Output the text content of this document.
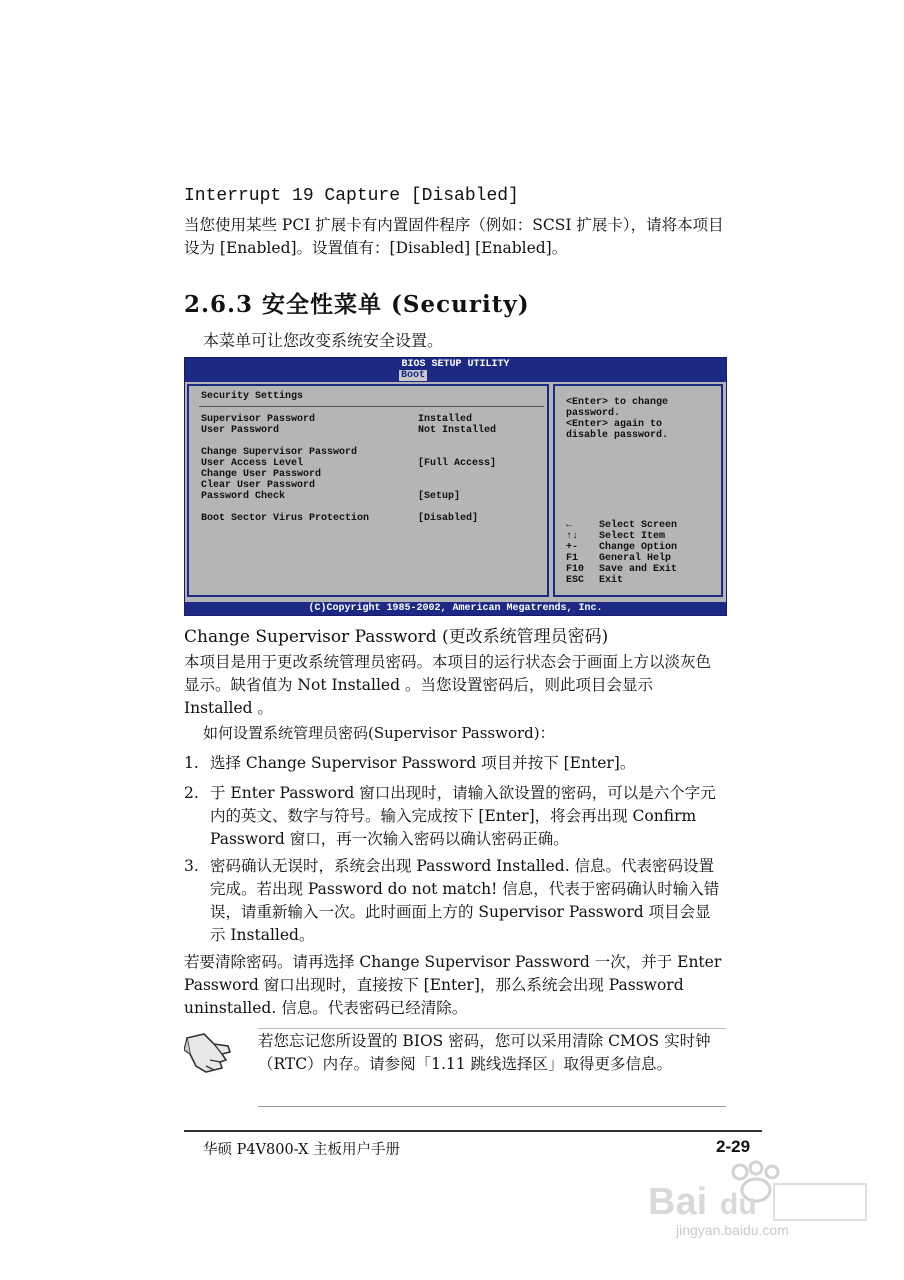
Interrupt 19 Capture [Disabled]
当您使用某些 PCI 扩展卡有内置固件程序（例如：SCSI 扩展卡），请将本项目设为 [Enabled]。设置值有：[Disabled] [Enabled]。
2.6.3 安全性菜单 (Security)
本菜单可让您改变系统安全设置。
BIOS SETUP UTILITY
Boot
Security Settings
Supervisor Password	Installed
User Password	Not Installed
Change Supervisor Password
User Access Level	[Full Access]
Change User Password
Clear User Password
Password Check	[Setup]
Boot Sector Virus Protection	[Disabled]
<Enter> to change
password.
<Enter> again to
disable password.
←	Select Screen
↑↓ Select Item
+- Change Option
F1 General Help
F10 Save and Exit
ESC Exit
(C)Copyright 1985-2002, American Megatrends, Inc.
Change Supervisor Password (更改系统管理员密码)
本项目是用于更改系统管理员密码。本项目的运行状态会于画面上方以淡灰色显示。缺省值为 Not Installed 。当您设置密码后，则此项目会显示 Installed 。
如何设置系统管理员密码(Supervisor Password)：
1. 选择 Change Supervisor Password 项目并按下 [Enter]。
2. 于 Enter Password 窗口出现时，请输入欲设置的密码，可以是六个字元内的英文、数字与符号。输入完成按下 [Enter]，将会再出现 Confirm Password 窗口，再一次输入密码以确认密码正确。
3. 密码确认无误时，系统会出现 Password Installed. 信息。代表密码设置完成。若出现 Password do not match! 信息，代表于密码确认时输入错误，请重新输入一次。此时画面上方的 Supervisor Password 项目会显示 Installed。
若要清除密码。请再选择 Change Supervisor Password 一次，并于 Enter Password 窗口出现时，直接按下 [Enter]，那么系统会出现 Password uninstalled. 信息。代表密码已经清除。
若您忘记您所设置的 BIOS 密码，您可以采用清除 CMOS 实时钟（RTC）内存。请参阅「1.11 跳线选择区」取得更多信息。
华硕 P4V800-X 主板用户手册	2-29
Bai du
jingyan.baidu.com
